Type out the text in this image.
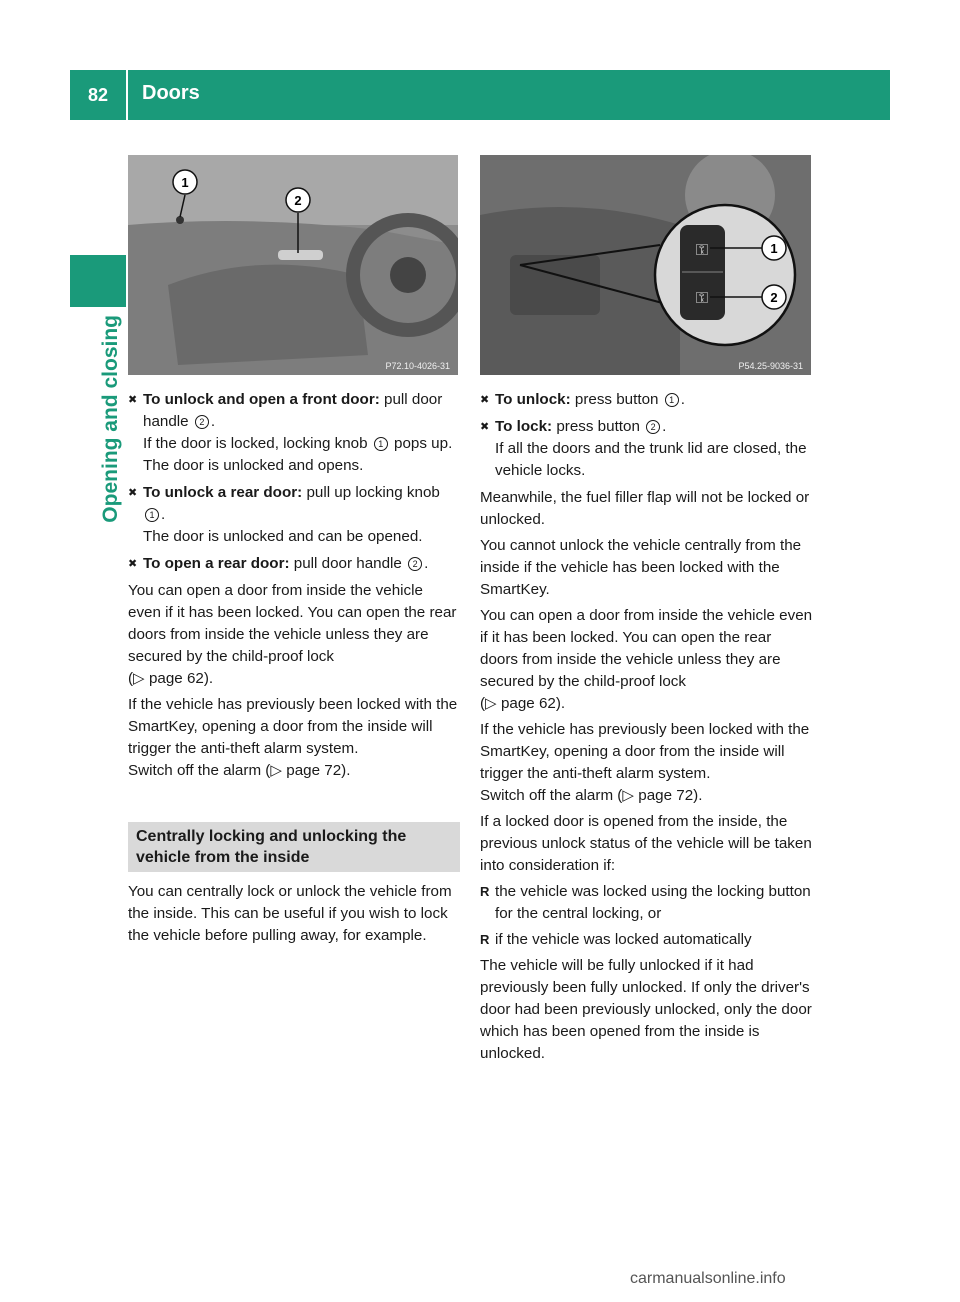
82	Doors
Opening and closing
1
2
P72.10-4026-31
⚿
⚿
1
2
P54.25-9036-31
✖ To unlock and open a front door: pull door handle 2 .
If the door is locked, locking knob 1 pops up. The door is unlocked and opens.
✖ To unlock a rear door: pull up locking knob 1 .
The door is unlocked and can be opened.
✖ To open a rear door: pull door handle 2 .

You can open a door from inside the vehicle even if it has been locked. You can open the rear doors from inside the vehicle unless they are secured by the child-proof lock
(▷ page 62).

If the vehicle has previously been locked with the SmartKey, opening a door from the inside will trigger the anti-theft alarm system.
Switch off the alarm (▷ page 72).

Centrally locking and unlocking the vehicle from the inside

You can centrally lock or unlock the vehicle from the inside. This can be useful if you wish to lock the vehicle before pulling away, for example.

✖ To unlock: press button 1 .
✖ To lock: press button 2 .
If all the doors and the trunk lid are closed, the vehicle locks.

Meanwhile, the fuel filler flap will not be locked or unlocked.

You cannot unlock the vehicle centrally from the inside if the vehicle has been locked with the SmartKey.

You can open a door from inside the vehicle even if it has been locked. You can open the rear doors from inside the vehicle unless they are secured by the child-proof lock
(▷ page 62).

If the vehicle has previously been locked with the SmartKey, opening a door from the inside will trigger the anti-theft alarm system.
Switch off the alarm (▷ page 72).

If a locked door is opened from the inside, the previous unlock status of the vehicle will be taken into consideration if:

R the vehicle was locked using the locking button for the central locking, or
R if the vehicle was locked automatically

The vehicle will be fully unlocked if it had previously been fully unlocked. If only the driver's door had been previously unlocked, only the door which has been opened from the inside is unlocked.

carmanualsonline.info
